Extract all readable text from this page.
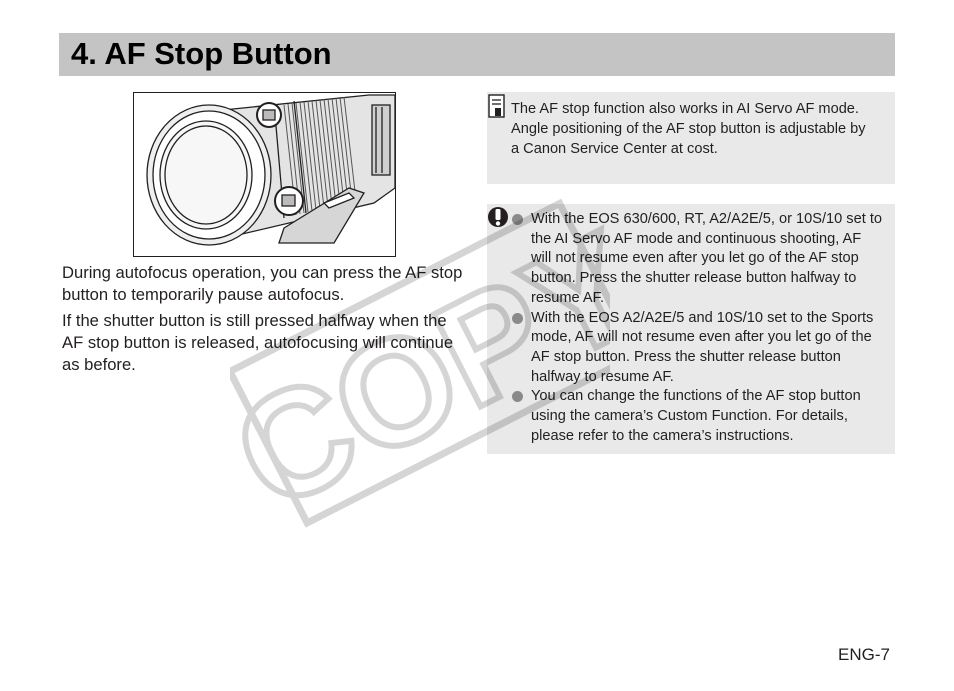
4. AF Stop Button

During autofocus operation, you can press the AF stop button to temporarily pause autofocus.

If the shutter button is still pressed halfway when the AF stop button is released, autofocusing will continue as before.

The AF stop function also works in AI Servo AF mode.
Angle positioning of the AF stop button is adjustable by a Canon Service Center at cost.
With the EOS 630/600, RT, A2/A2E/5, or 10S/10 set to the AI Servo AF mode and continuous shooting, AF will not resume even after you let go of the AF stop button. Press the shutter release button halfway to resume AF.
With the EOS A2/A2E/5 and 10S/10 set to the Sports mode, AF will not resume even after you let go of the AF stop button. Press the shutter release button halfway to resume AF.
You can change the functions of the AF stop button using the camera’s Custom Function. For details, please refer to the camera’s instructions.
ENG-7
COPY
